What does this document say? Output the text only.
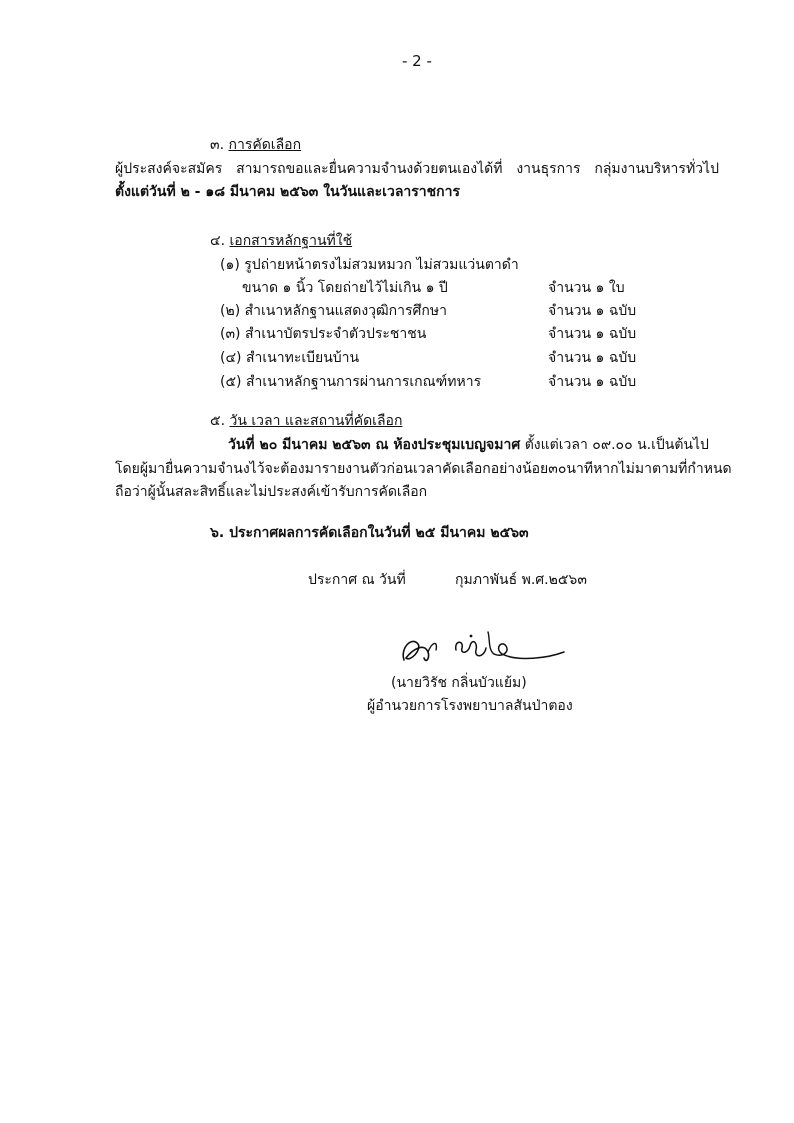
- 2 -
๓. การคัดเลือก
ผู้ประสงค์จะสมัคร สามารถขอและยื่นความจำนงด้วยตนเองได้ที่ งานธุรการ กลุ่มงานบริหารทั่วไป
ตั้งแต่วันที่ ๒ - ๑๘ มีนาคม ๒๕๖๓ ในวันและเวลาราชการ
๔. เอกสารหลักฐานที่ใช้
(๑) รูปถ่ายหน้าตรงไม่สวมหมวก ไม่สวมแว่นตาดำ
ขนาด ๑ นิ้ว โดยถ่ายไว้ไม่เกิน ๑ ปี	จำนวน ๑ ใบ
(๒) สำเนาหลักฐานแสดงวุฒิการศึกษา	จำนวน ๑ ฉบับ
(๓) สำเนาบัตรประจำตัวประชาชน	จำนวน ๑ ฉบับ
(๔) สำเนาทะเบียนบ้าน	จำนวน ๑ ฉบับ
(๕) สำเนาหลักฐานการผ่านการเกณฑ์ทหาร	จำนวน ๑ ฉบับ
๕. วัน เวลา และสถานที่คัดเลือก
วันที่ ๒๐ มีนาคม ๒๕๖๓ ณ ห้องประชุมเบญจมาศ ตั้งแต่เวลา ๐๙.๐๐ น.เป็นต้นไป
โดยผู้มายื่นความจำนงไว้จะต้องมารายงานตัวก่อนเวลาคัดเลือกอย่างน้อย ๓๐ นาที หากไม่มาตามที่กำหนด
ถือว่าผู้นั้นสละสิทธิ์และไม่ประสงค์เข้ารับการคัดเลือก
๖. ประกาศผลการคัดเลือกในวันที่ ๒๕ มีนาคม ๒๕๖๓
ประกาศ ณ วันที่	กุมภาพันธ์ พ.ศ.๒๕๖๓
(นายวิรัช กลิ่นบัวแย้ม)
ผู้อำนวยการโรงพยาบาลสันป่าตอง
